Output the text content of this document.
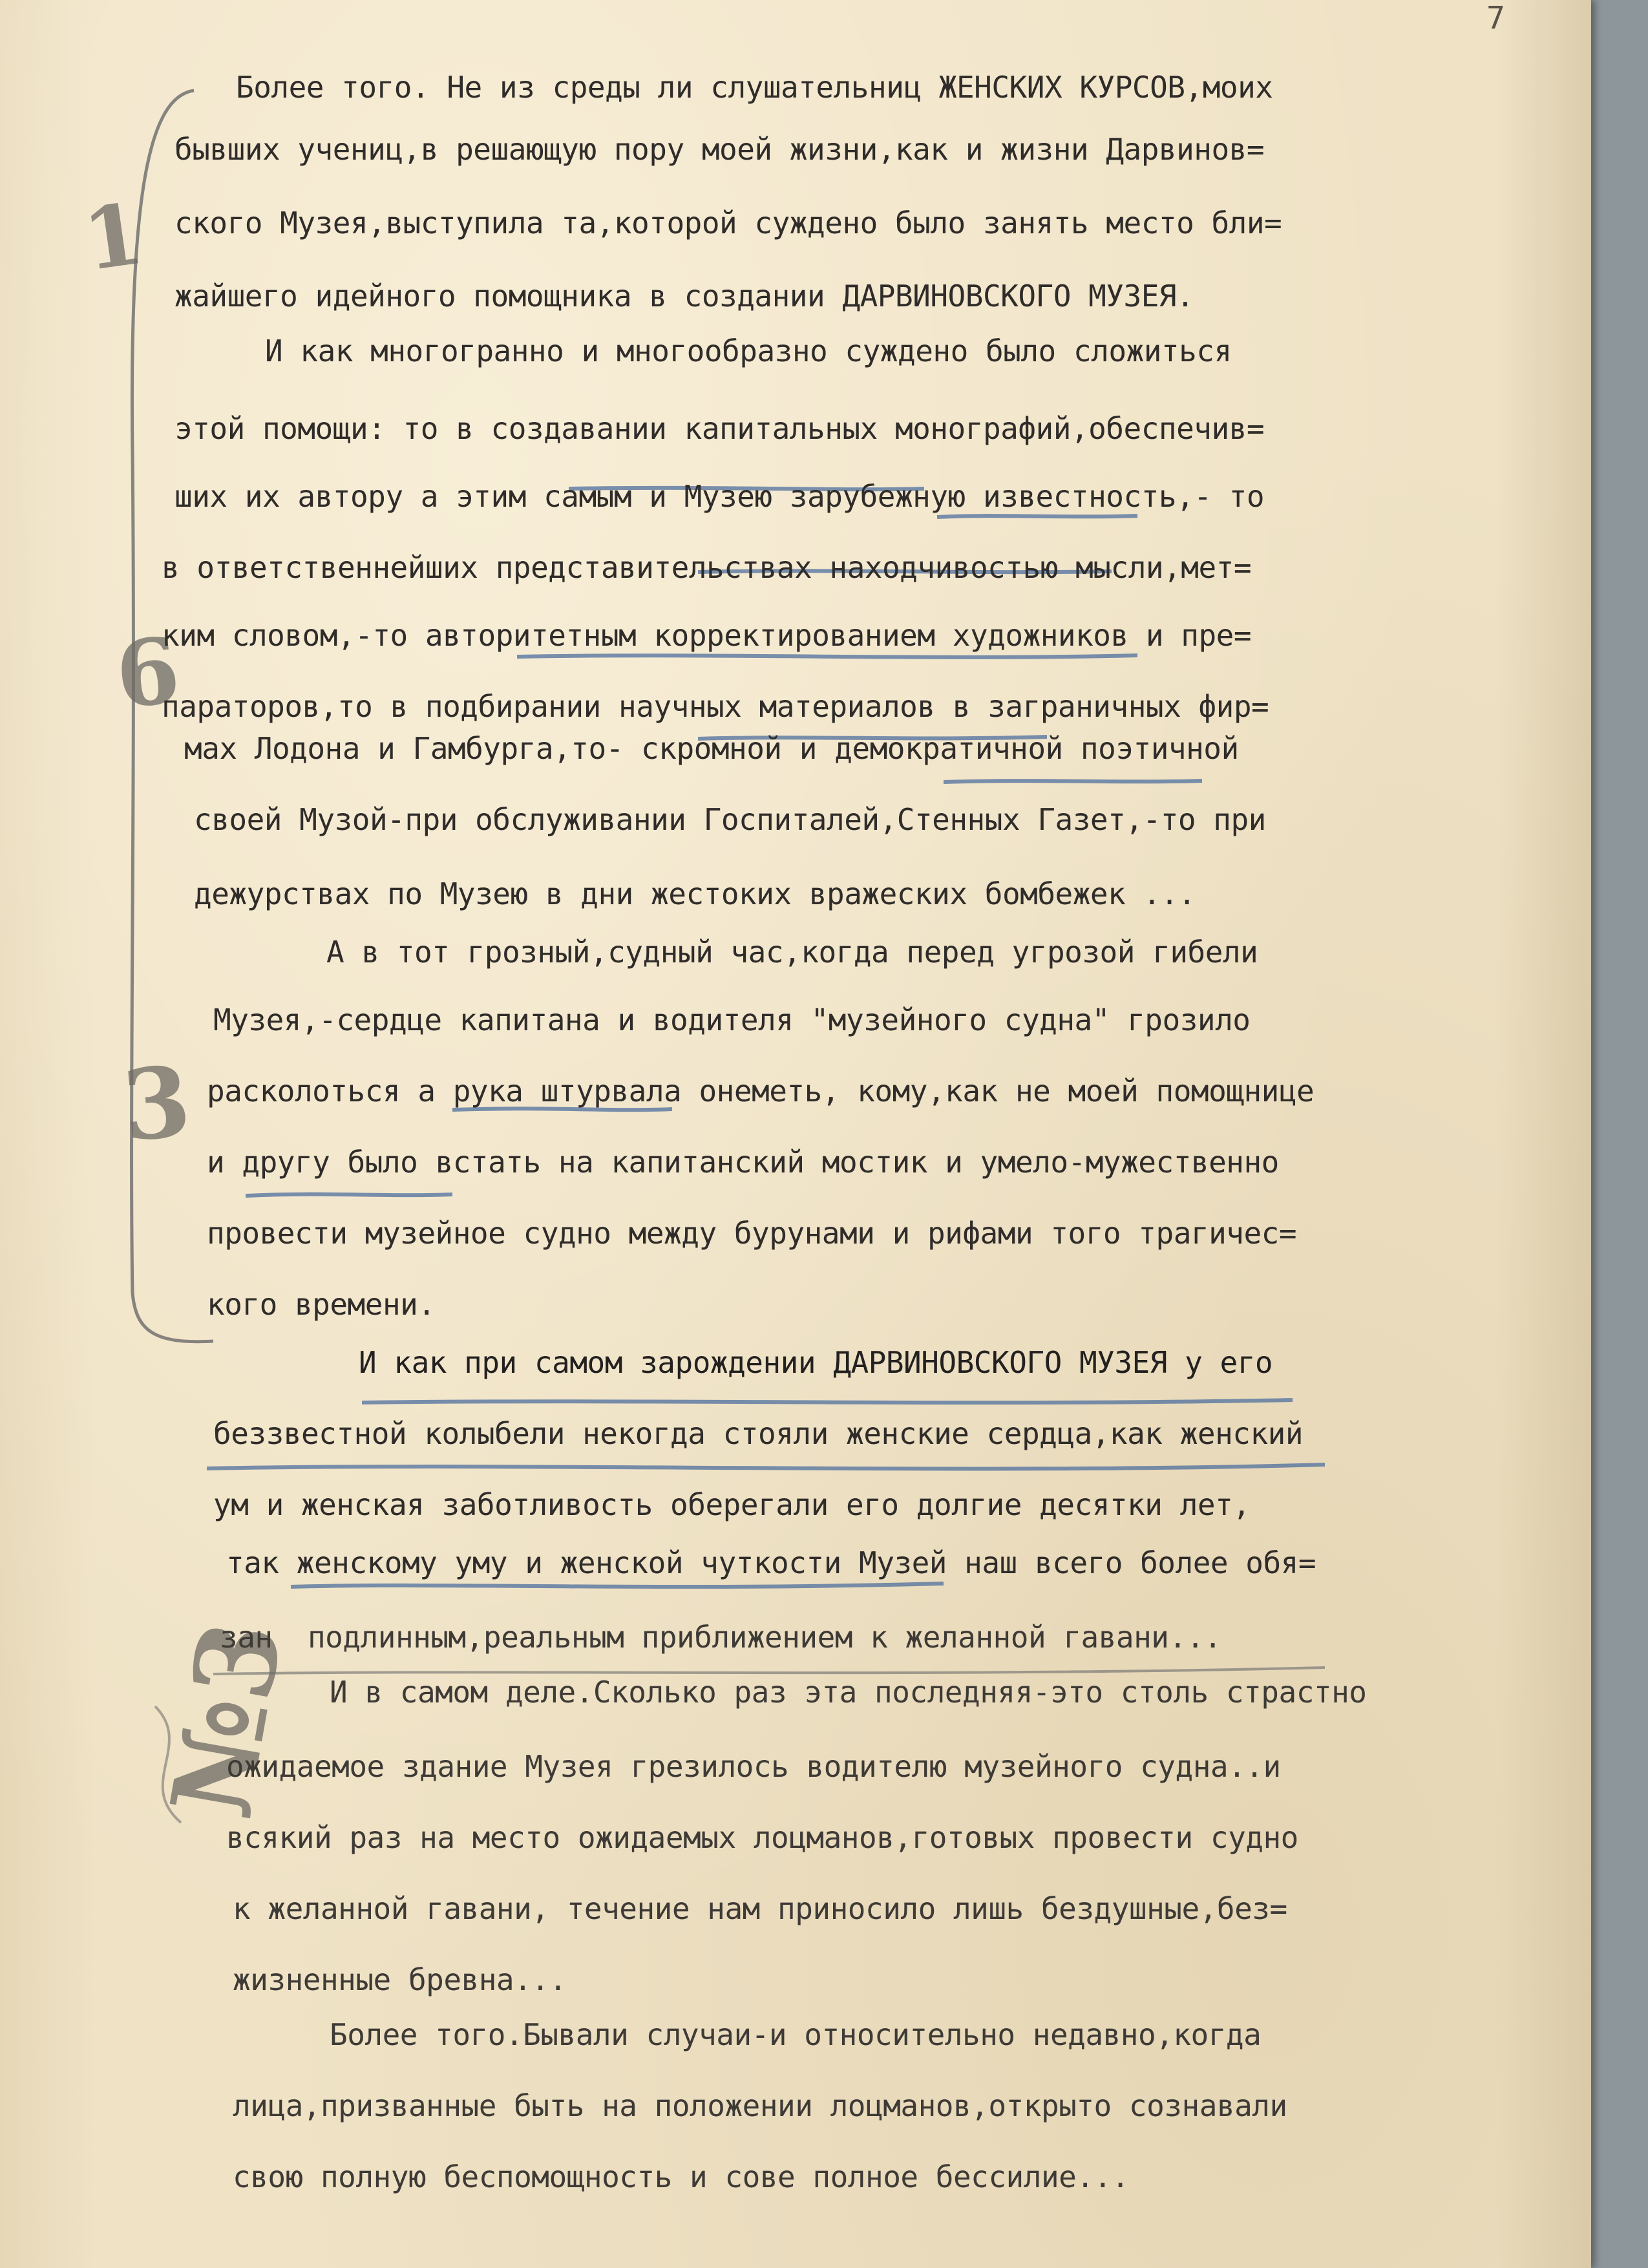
7
1
6
3
№3

Более того. Не из среды ли слушательниц ЖЕНСКИХ КУРСОВ,моих

бывших учениц,в решающую пору моей жизни,как и жизни Дарвинов=

ского Музея,выступила та,которой суждено было занять место бли=

жайшего идейного помощника в создании ДАРВИНОВСКОГО МУЗЕЯ.

И как многогранно и многообразно суждено было сложиться

этой помощи: то в создавании капитальных монографий,обеспечив=

ших их автору а этим самым и Музею зарубежную известность,- то

в ответственнейших представительствах находчивостью мысли,мет=

ким словом,-то авторитетным корректированием художников и пре=

параторов,то в подбирании научных материалов в заграничных фир=

мах Лодона и Гамбурга,то- скромной и демократичной поэтичной

своей Музой-при обслуживании Госпиталей,Стенных Газет,-то при

дежурствах по Музею в дни жестоких вражеских бомбежек ...

А в тот грозный,судный час,когда перед угрозой гибели

Музея,-сердце капитана и водителя "музейного судна" грозило

расколоться а рука штурвала онеметь, кому,как не моей помощнице

и другу было встать на капитанский мостик и умело-мужественно

провести музейное судно между бурунами и рифами того трагичес=

кого времени.

И как при самом зарождении ДАРВИНОВСКОГО МУЗЕЯ у его

беззвестной колыбели некогда стояли женские сердца,как женский

ум и женская заботливость оберегали его долгие десятки лет,

так женскому уму и женской чуткости Музей наш всего более обя=

зан  подлинным,реальным приближением к желанной гавани...

И в самом деле.Сколько раз эта последняя-это столь страстно

ожидаемое здание Музея грезилось водителю музейного судна..и

всякий раз на место ожидаемых лоцманов,готовых провести судно

к желанной гавани, течение нам приносило лишь бездушные,без=

жизненные бревна...

Более того.Бывали случаи-и относительно недавно,когда

лица,призванные быть на положении лоцманов,открыто сознавали

свою полную беспомощность и сове полное бессилие...
